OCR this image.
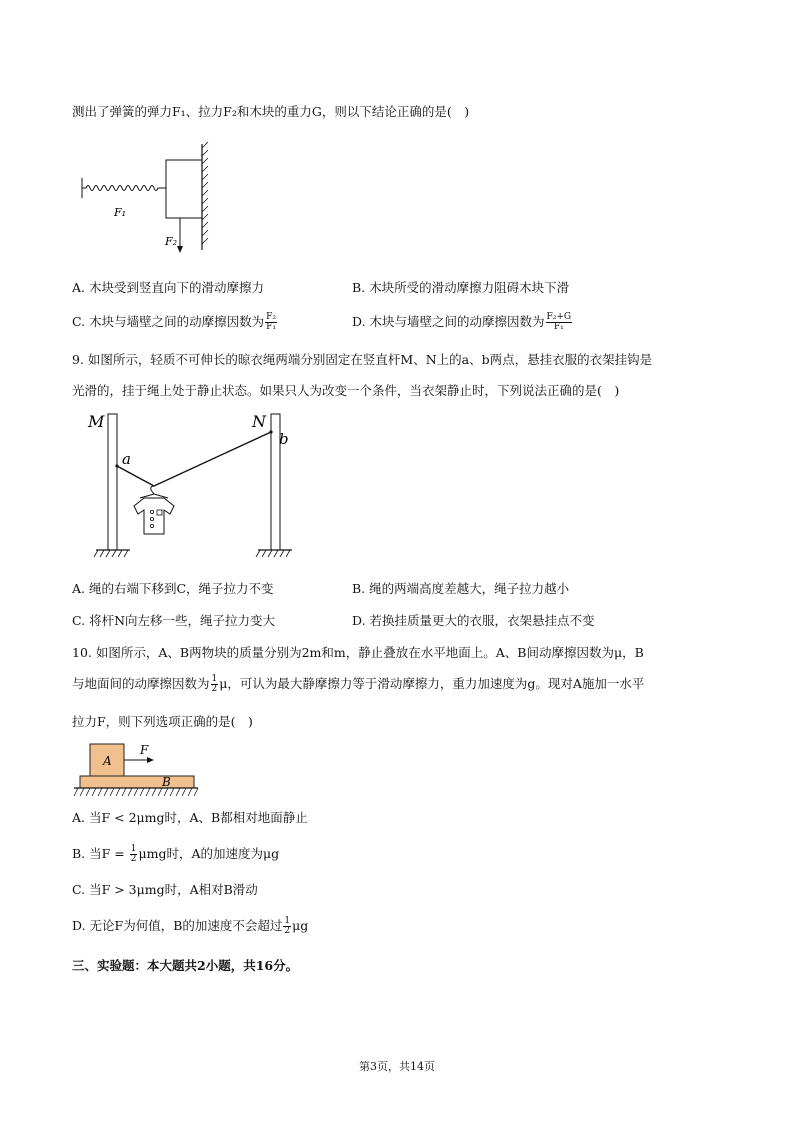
测出了弹簧的弹力F₁、拉力F₂和木块的重力G，则以下结论正确的是(　)
F₁
F₂
A. 木块受到竖直向下的滑动摩擦力	B. 木块所受的滑动摩擦力阻碍木块下滑
C. 木块与墙壁之间的动摩擦因数为 $\frac{\text{F₂}}{\text{F₁}}$	D. 木块与墙壁之间的动摩擦因数为 $\frac{\text{F₂+G}}{\text{F₁}}$
9. 如图所示，轻质不可伸长的晾衣绳两端分别固定在竖直杆M、N上的a、b两点，悬挂衣服的衣架挂钩是
光滑的，挂于绳上处于静止状态。如果只人为改变一个条件，当衣架静止时，下列说法正确的是(　)
M	N
a
b
A. 绳的右端下移到C，绳子拉力不变	B. 绳的两端高度差越大，绳子拉力越小
C. 将杆N向左移一些，绳子拉力变大	D. 若换挂质量更大的衣服，衣架悬挂点不变
10. 如图所示，A、B两物块的质量分别为2m和m，静止叠放在水平地面上。A、B间动摩擦因数为μ，B
与地面间的动摩擦因数为 $\frac{1}{2}$ μ，可认为最大静摩擦力等于滑动摩擦力，重力加速度为g。现对A施加一水平
拉力F，则下列选项正确的是(　)
A
B
F
A. 当F < 2μmg时，A、B都相对地面静止
B. 当$F = \frac{1}{2}$ μmg时，A的加速度为μg
C. 当F > 3μmg时，A相对B滑动
D. 无论F为何值，B的加速度不会超过 $\frac{1}{2}$ μg
三、实验题：本大题共2小题，共16分。
第3页，共14页
